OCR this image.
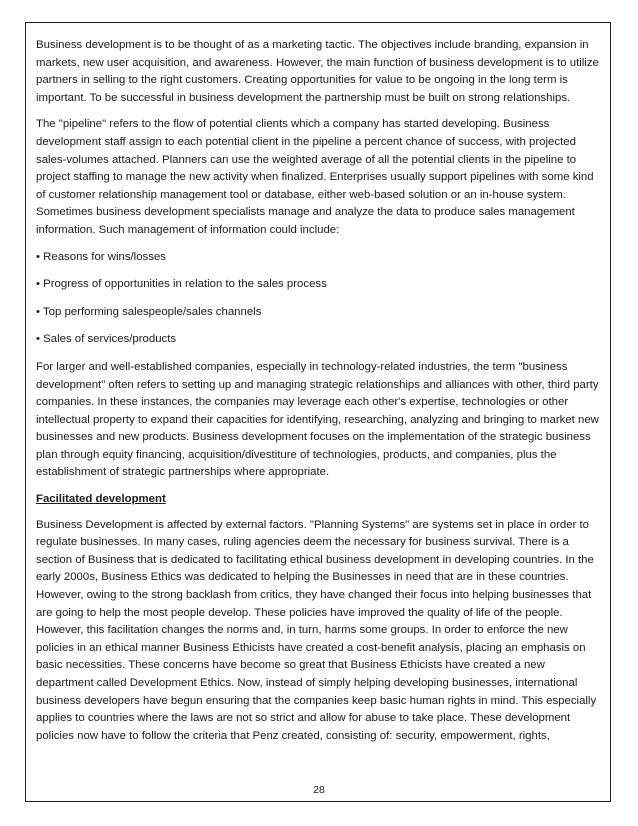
Business development is to be thought of as a marketing tactic. The objectives include branding, expansion in markets, new user acquisition, and awareness. However, the main function of business development is to utilize partners in selling to the right customers. Creating opportunities for value to be ongoing in the long term is important. To be successful in business development the partnership must be built on strong relationships.

The "pipeline" refers to the flow of potential clients which a company has started developing. Business development staff assign to each potential client in the pipeline a percent chance of success, with projected sales-volumes attached. Planners can use the weighted average of all the potential clients in the pipeline to project staffing to manage the new activity when finalized. Enterprises usually support pipelines with some kind of customer relationship management tool or database, either web-based solution or an in-house system. Sometimes business development specialists manage and analyze the data to produce sales management information. Such management of information could include:

• Reasons for wins/losses

• Progress of opportunities in relation to the sales process

• Top performing salespeople/sales channels

• Sales of services/products

For larger and well-established companies, especially in technology-related industries, the term "business development" often refers to setting up and managing strategic relationships and alliances with other, third party companies. In these instances, the companies may leverage each other's expertise, technologies or other intellectual property to expand their capacities for identifying, researching, analyzing and bringing to market new businesses and new products. Business development focuses on the implementation of the strategic business plan through equity financing, acquisition/divestiture of technologies, products, and companies, plus the establishment of strategic partnerships where appropriate.

Facilitated development

Business Development is affected by external factors. "Planning Systems" are systems set in place in order to regulate businesses. In many cases, ruling agencies deem the necessary for business survival. There is a section of Business that is dedicated to facilitating ethical business development in developing countries. In the early 2000s, Business Ethics was dedicated to helping the Businesses in need that are in these countries. However, owing to the strong backlash from critics, they have changed their focus into helping businesses that are going to help the most people develop. These policies have improved the quality of life of the people. However, this facilitation changes the norms and, in turn, harms some groups. In order to enforce the new policies in an ethical manner Business Ethicists have created a cost-benefit analysis, placing an emphasis on basic necessities. These concerns have become so great that Business Ethicists have created a new department called Development Ethics. Now, instead of simply helping developing businesses, international business developers have begun ensuring that the companies keep basic human rights in mind. This especially applies to countries where the laws are not so strict and allow for abuse to take place. These development policies now have to follow the criteria that Penz created, consisting of: security, empowerment, rights,

28
